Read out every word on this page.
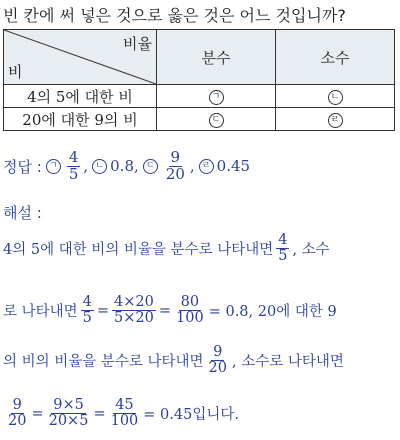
빈 칸에 써 넣은 것으로 옳은 것은 어느 것입니까?
비율
비	분수	소수
4의 5에 대한 비	ㄱ	ㄴ
20에 대한 9의 비	ㄷ	ㄹ
정답 : ㄱ $\frac{4}{5}$ , ㄴ 0.8 , ㄷ $\frac{9}{20}$ , ㄹ 0.45
해설 :
4의 5에 대한 비의 비율을 분수로 나타내면 $\frac{4}{5}$ , 소수
로 나타내면 $\frac{4}{5} = \frac{4\times 20}{5\times 20} = \frac{80}{100} = 0.8$, 20에 대한 9
의 비의 비율을 분수로 나타내면 $\frac{9}{20}$ , 소수로 나타내면
$\frac{9}{20} = \frac{9\times 5}{20\times 5} = \frac{45}{100} = 0.45$입니다.
